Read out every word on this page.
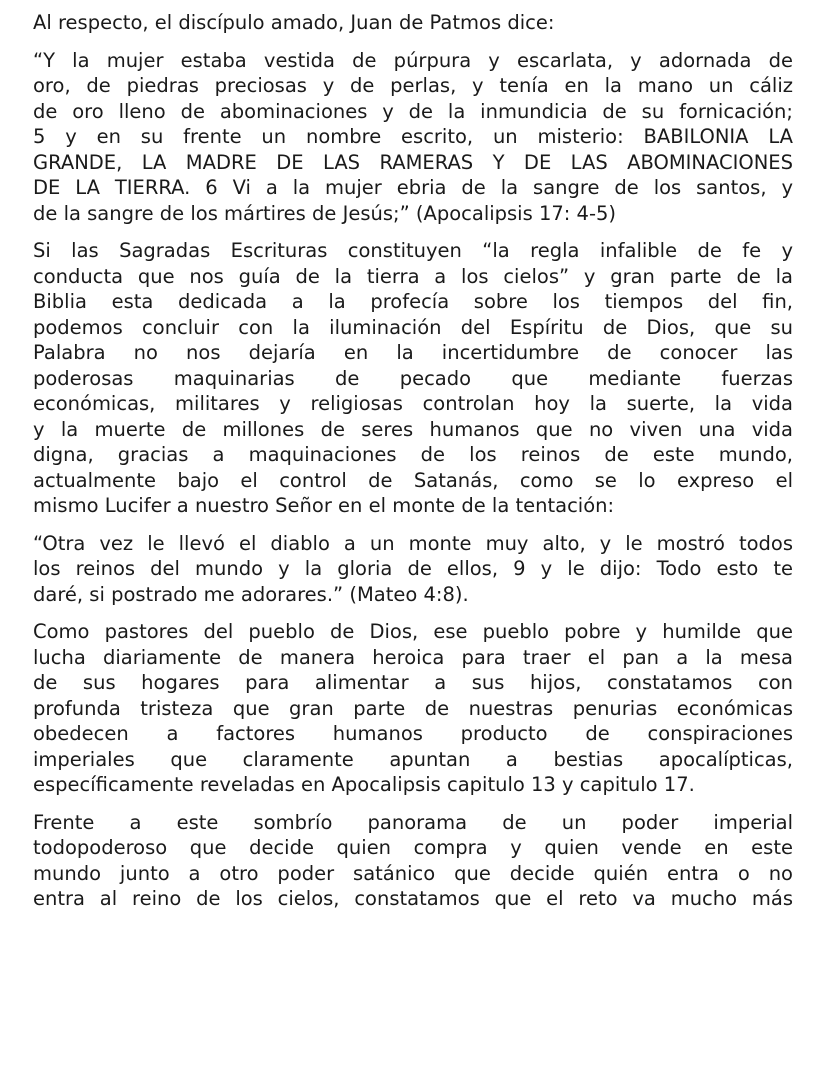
Al respecto, el discípulo amado, Juan de Patmos dice:

“Y la mujer estaba vestida de púrpura y escarlata, y adornada de
oro, de piedras preciosas y de perlas, y tenía en la mano un cáliz
de oro lleno de abominaciones y de la inmundicia de su fornicación;
5 y en su frente un nombre escrito, un misterio: BABILONIA LA
GRANDE, LA MADRE DE LAS RAMERAS Y DE LAS ABOMINACIONES
DE LA TIERRA. 6 Vi a la mujer ebria de la sangre de los santos, y
de la sangre de los mártires de Jesús;” (Apocalipsis 17: 4-5)

Si las Sagradas Escrituras constituyen “la regla infalible de fe y
conducta que nos guía de la tierra a los cielos” y gran parte de la
Biblia esta dedicada a la profecía sobre los tiempos del fin,
podemos concluir con la iluminación del Espíritu de Dios, que su
Palabra no nos dejaría en la incertidumbre de conocer las
poderosas maquinarias de pecado que mediante fuerzas
económicas, militares y religiosas controlan hoy la suerte, la vida
y la muerte de millones de seres humanos que no viven una vida
digna, gracias a maquinaciones de los reinos de este mundo,
actualmente bajo el control de Satanás, como se lo expreso el
mismo Lucifer a nuestro Señor en el monte de la tentación:

“Otra vez le llevó el diablo a un monte muy alto, y le mostró todos
los reinos del mundo y la gloria de ellos, 9 y le dijo: Todo esto te
daré, si postrado me adorares.” (Mateo 4:8).

Como pastores del pueblo de Dios, ese pueblo pobre y humilde que
lucha diariamente de manera heroica para traer el pan a la mesa
de sus hogares para alimentar a sus hijos, constatamos con
profunda tristeza que gran parte de nuestras penurias económicas
obedecen a factores humanos producto de conspiraciones
imperiales que claramente apuntan a bestias apocalípticas,
específicamente reveladas en Apocalipsis capitulo 13 y capitulo 17.

Frente a este sombrío panorama de un poder imperial
todopoderoso que decide quien compra y quien vende en este
mundo junto a otro poder satánico que decide quién entra o no
entra al reino de los cielos, constatamos que el reto va mucho más
